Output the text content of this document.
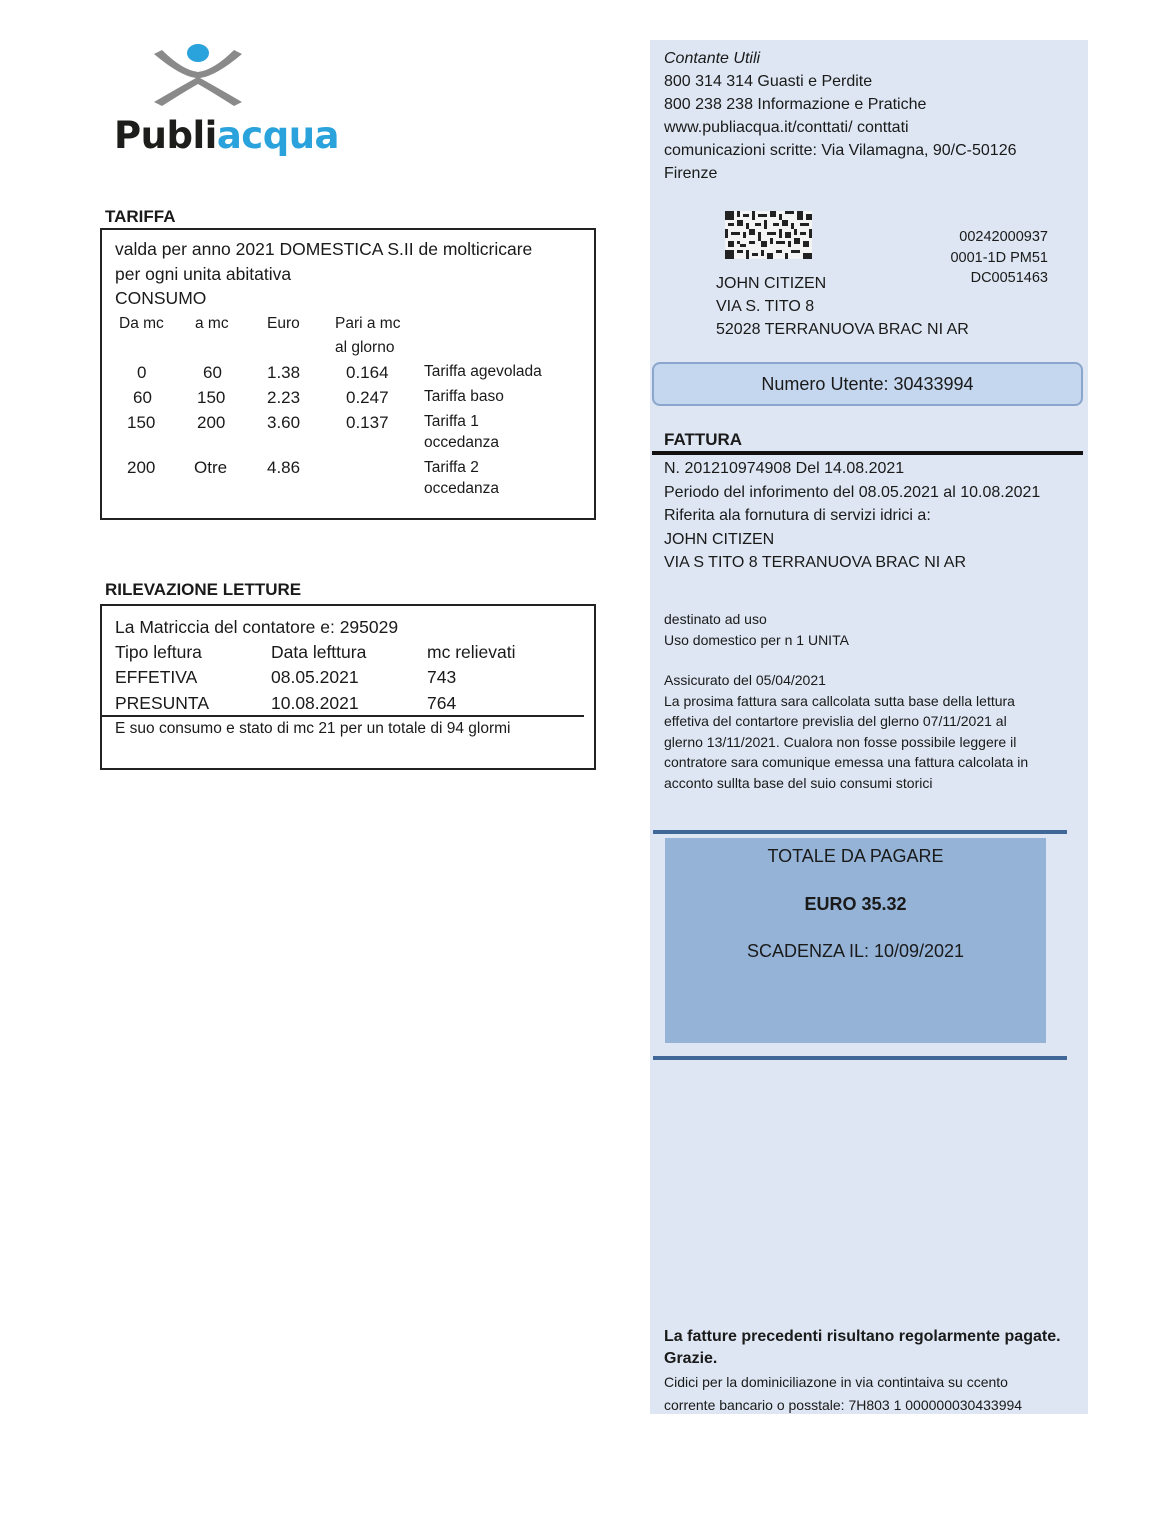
Publiacqua
TARIFFA
valda per anno 2021 DOMESTICA S.II de molticricare
per ogni unita abitativa
CONSUMO
Da mc a mc Euro Pari a mc
al glorno
0	60	1.38	0.164 Tariffa agevolada
60	150 2.23	0.247 Tariffa baso
150 200 3.60	0.137 Tariffa 1
occedanza
200 Otre 4.86	Tariffa 2
occedanza
RILEVAZIONE LETTURE
La Matriccia del contatore e: 295029
Tipo leftura	Data lefttura	mc relievati
EFFETIVA	08.05.2021	743
PRESUNTA	10.08.2021	764
E suo consumo e stato di mc 21 per un totale di 94 glormi
Contante Utili
800 314 314 Guasti e Perdite
800 238 238 Informazione e Pratiche
www.publiacqua.it/conttati/ conttati
comunicazioni scritte: Via Vilamagna, 90/C-50126
Firenze
00242000937
0001-1D PM51
DC0051463
JOHN CITIZEN
VIA S. TITO 8
52028 TERRANUOVA BRAC NI AR
Numero Utente: 30433994
FATTURA
N. 201210974908 Del 14.08.2021
Periodo del inforimento del 08.05.2021 al 10.08.2021
Riferita ala fornutura di servizi idrici a:
JOHN CITIZEN
VIA S TITO 8 TERRANUOVA BRAC NI AR
destinato ad uso
Uso domestico per n 1 UNITA
Assicurato del 05/04/2021
La prosima fattura sara callcolata sutta base della lettura
effetiva del contartore previslia del glerno 07/11/2021 al
glerno 13/11/2021. Cualora non fosse possibile leggere il
contratore sara comunique emessa una fattura calcolata in
acconto sullta base del suio consumi storici
TOTALE DA PAGARE
EURO 35.32
SCADENZA IL: 10/09/2021
La fatture precedenti risultano regolarmente pagate.
Grazie.
Cidici per la dominiciliazone in via contintaiva su ccento
corrente bancario o posstale: 7H803 1 000000030433994
